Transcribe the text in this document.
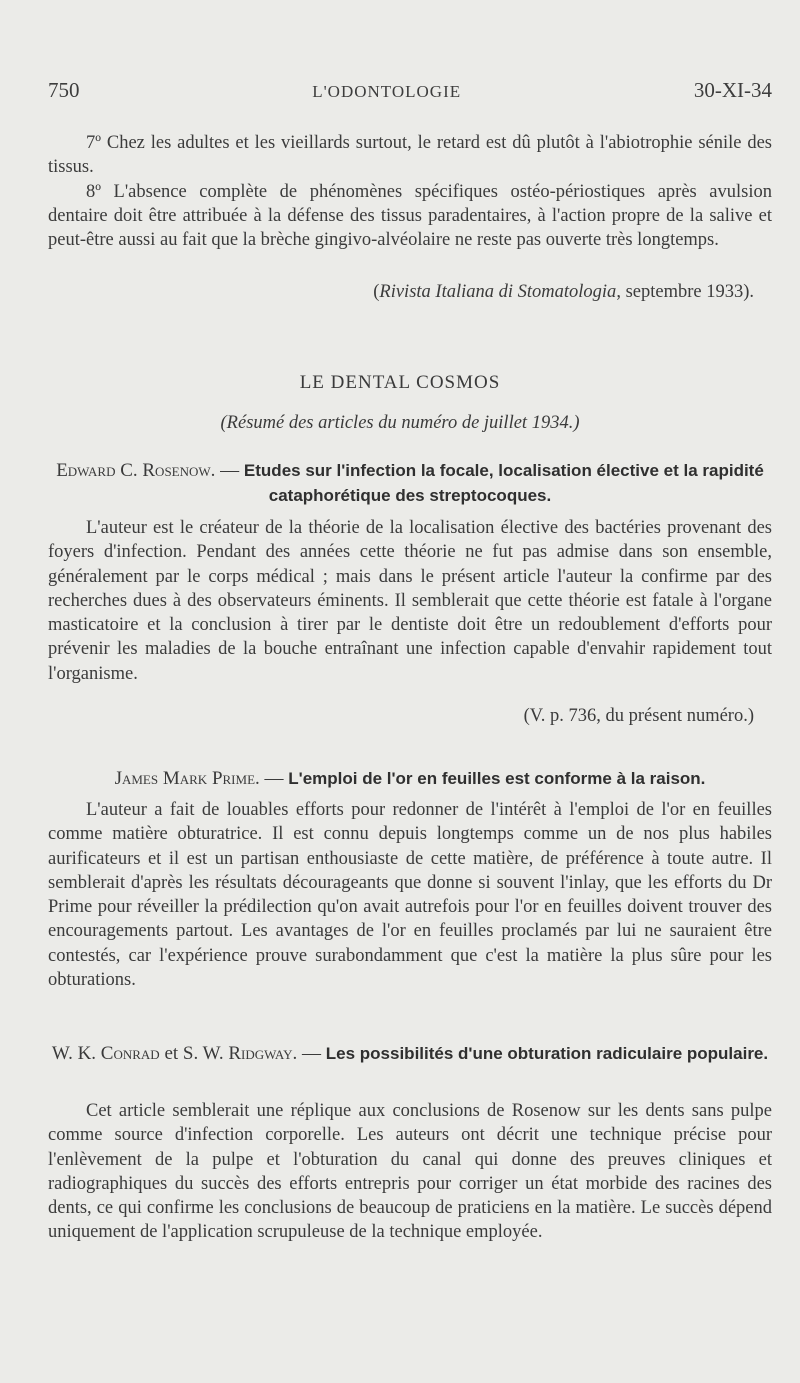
750	L'ODONTOLOGIE	30-XI-34

7º Chez les adultes et les vieillards surtout, le retard est dû plutôt à l'abiotrophie sénile des tissus.

8º L'absence complète de phénomènes spécifiques ostéo-périostiques après avulsion dentaire doit être attribuée à la défense des tissus paradentaires, à l'action propre de la salive et peut-être aussi au fait que la brèche gingivo-alvéolaire ne reste pas ouverte très longtemps.

(Rivista Italiana di Stomatologia, septembre 1933).
LE DENTAL COSMOS
(Résumé des articles du numéro de juillet 1934.)
Edward C. Rosenow. — Etudes sur l'infection la focale, localisation élective et la rapidité cataphorétique des streptocoques.

L'auteur est le créateur de la théorie de la localisation élective des bactéries provenant des foyers d'infection. Pendant des années cette théorie ne fut pas admise dans son ensemble, généralement par le corps médical ; mais dans le présent article l'auteur la confirme par des recherches dues à des observateurs éminents. Il semblerait que cette théorie est fatale à l'organe masticatoire et la conclusion à tirer par le dentiste doit être un redoublement d'efforts pour prévenir les maladies de la bouche entraînant une infection capable d'envahir rapidement tout l'organisme.

(V. p. 736, du présent numéro.)
James Mark Prime. — L'emploi de l'or en feuilles est conforme à la raison.

L'auteur a fait de louables efforts pour redonner de l'intérêt à l'emploi de l'or en feuilles comme matière obturatrice. Il est connu depuis longtemps comme un de nos plus habiles aurificateurs et il est un partisan enthousiaste de cette matière, de préférence à toute autre. Il semblerait d'après les résultats décourageants que donne si souvent l'inlay, que les efforts du Dr Prime pour réveiller la prédilection qu'on avait autrefois pour l'or en feuilles doivent trouver des encouragements partout. Les avantages de l'or en feuilles proclamés par lui ne sauraient être contestés, car l'expérience prouve surabondamment que c'est la matière la plus sûre pour les obturations.

W. K. Conrad et S. W. Ridgway. — Les possibilités d'une obturation radiculaire populaire.

Cet article semblerait une réplique aux conclusions de Rosenow sur les dents sans pulpe comme source d'infection corporelle. Les auteurs ont décrit une technique précise pour l'enlèvement de la pulpe et l'obturation du canal qui donne des preuves cliniques et radiographiques du succès des efforts entrepris pour corriger un état morbide des racines des dents, ce qui confirme les conclusions de beaucoup de praticiens en la matière. Le succès dépend uniquement de l'application scrupuleuse de la technique employée.
